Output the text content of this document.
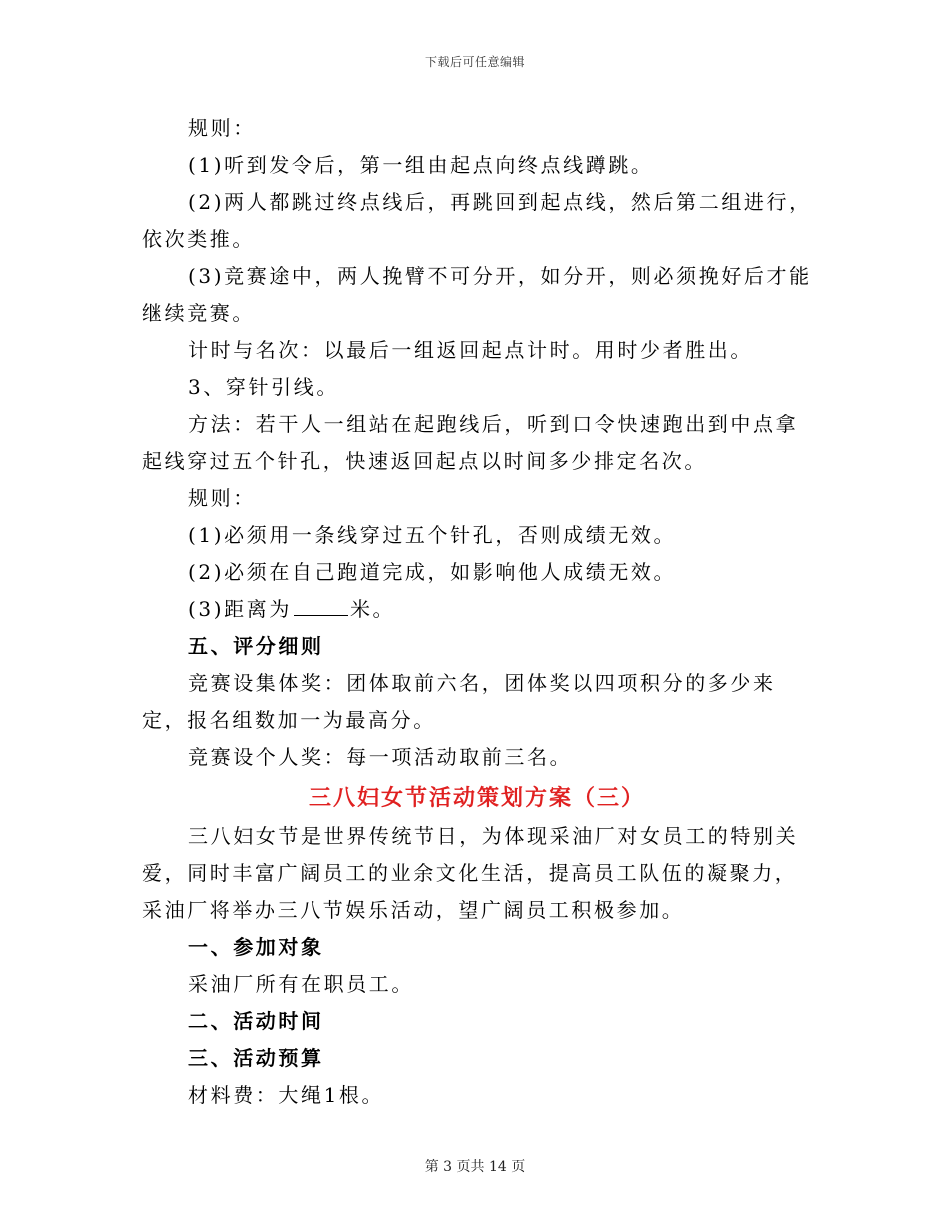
下载后可任意编辑

规则：

(1)听到发令后，第一组由起点向终点线蹲跳。

(2)两人都跳过终点线后，再跳回到起点线，然后第二组进行，依次类推。

(3)竞赛途中，两人挽臂不可分开，如分开，则必须挽好后才能继续竞赛。

计时与名次：以最后一组返回起点计时。用时少者胜出。

3、穿针引线。

方法：若干人一组站在起跑线后，听到口令快速跑出到中点拿起线穿过五个针孔，快速返回起点以时间多少排定名次。

规则：

(1)必须用一条线穿过五个针孔，否则成绩无效。

(2)必须在自己跑道完成，如影响他人成绩无效。

(3)距离为	米。

五、评分细则

竞赛设集体奖：团体取前六名，团体奖以四项积分的多少来定，报名组数加一为最高分。

竞赛设个人奖：每一项活动取前三名。

三八妇女节活动策划方案（三）

三八妇女节是世界传统节日，为体现采油厂对女员工的特别关爱，同时丰富广阔员工的业余文化生活，提高员工队伍的凝聚力，采油厂将举办三八节娱乐活动，望广阔员工积极参加。

一、参加对象

采油厂所有在职员工。

二、活动时间

三、活动预算

材料费：大绳1根。

第 3 页共 14 页
